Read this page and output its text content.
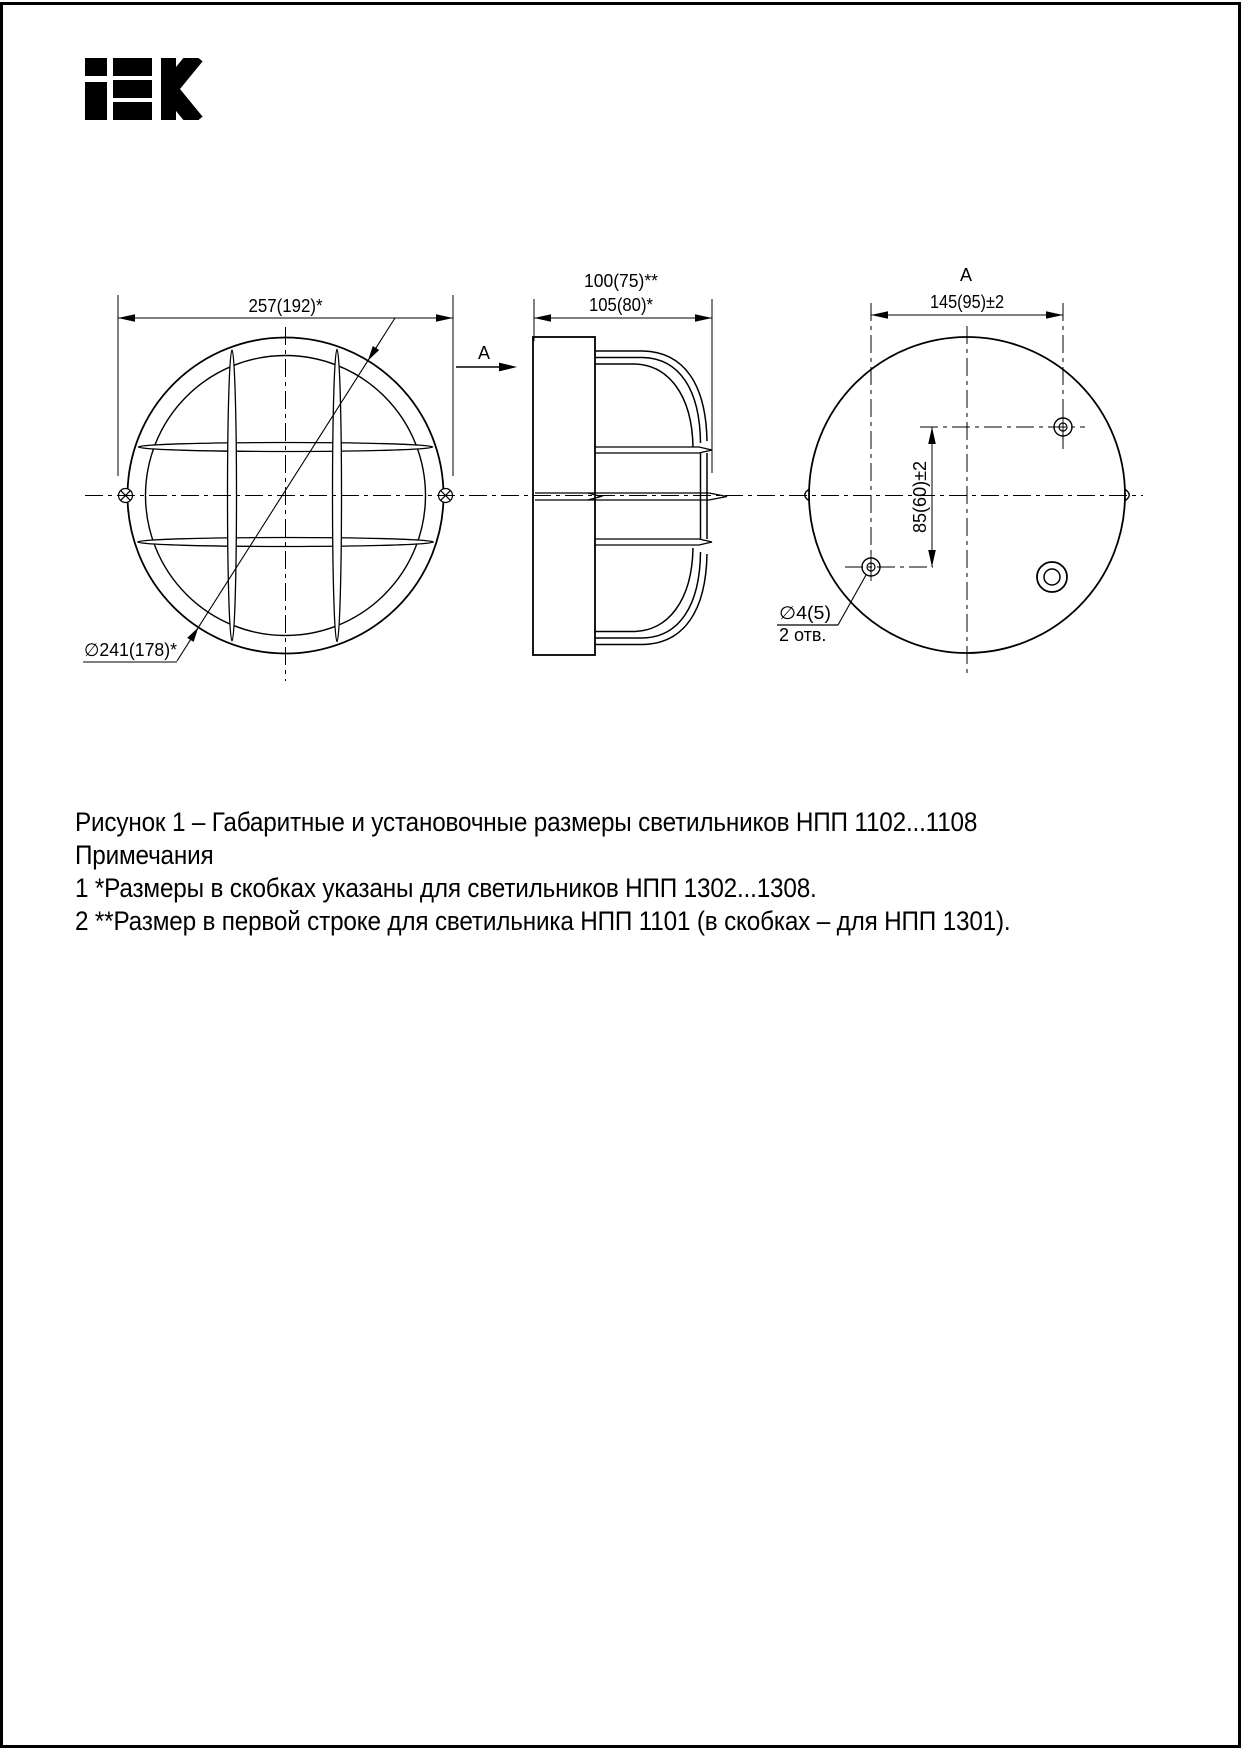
257(192)*
∅241(178)*
100(75)**
105(80)*
A
145(95)±2
A
85(60)±2
∅4(5)
2 отв.
Рисунок 1 – Габаритные и установочные размеры светильников НПП 1102...1108
Примечания
1 *Размеры в скобках указаны для светильников НПП 1302...1308.
2 **Размер в первой строке для светильника НПП 1101 (в скобках – для НПП 1301).
